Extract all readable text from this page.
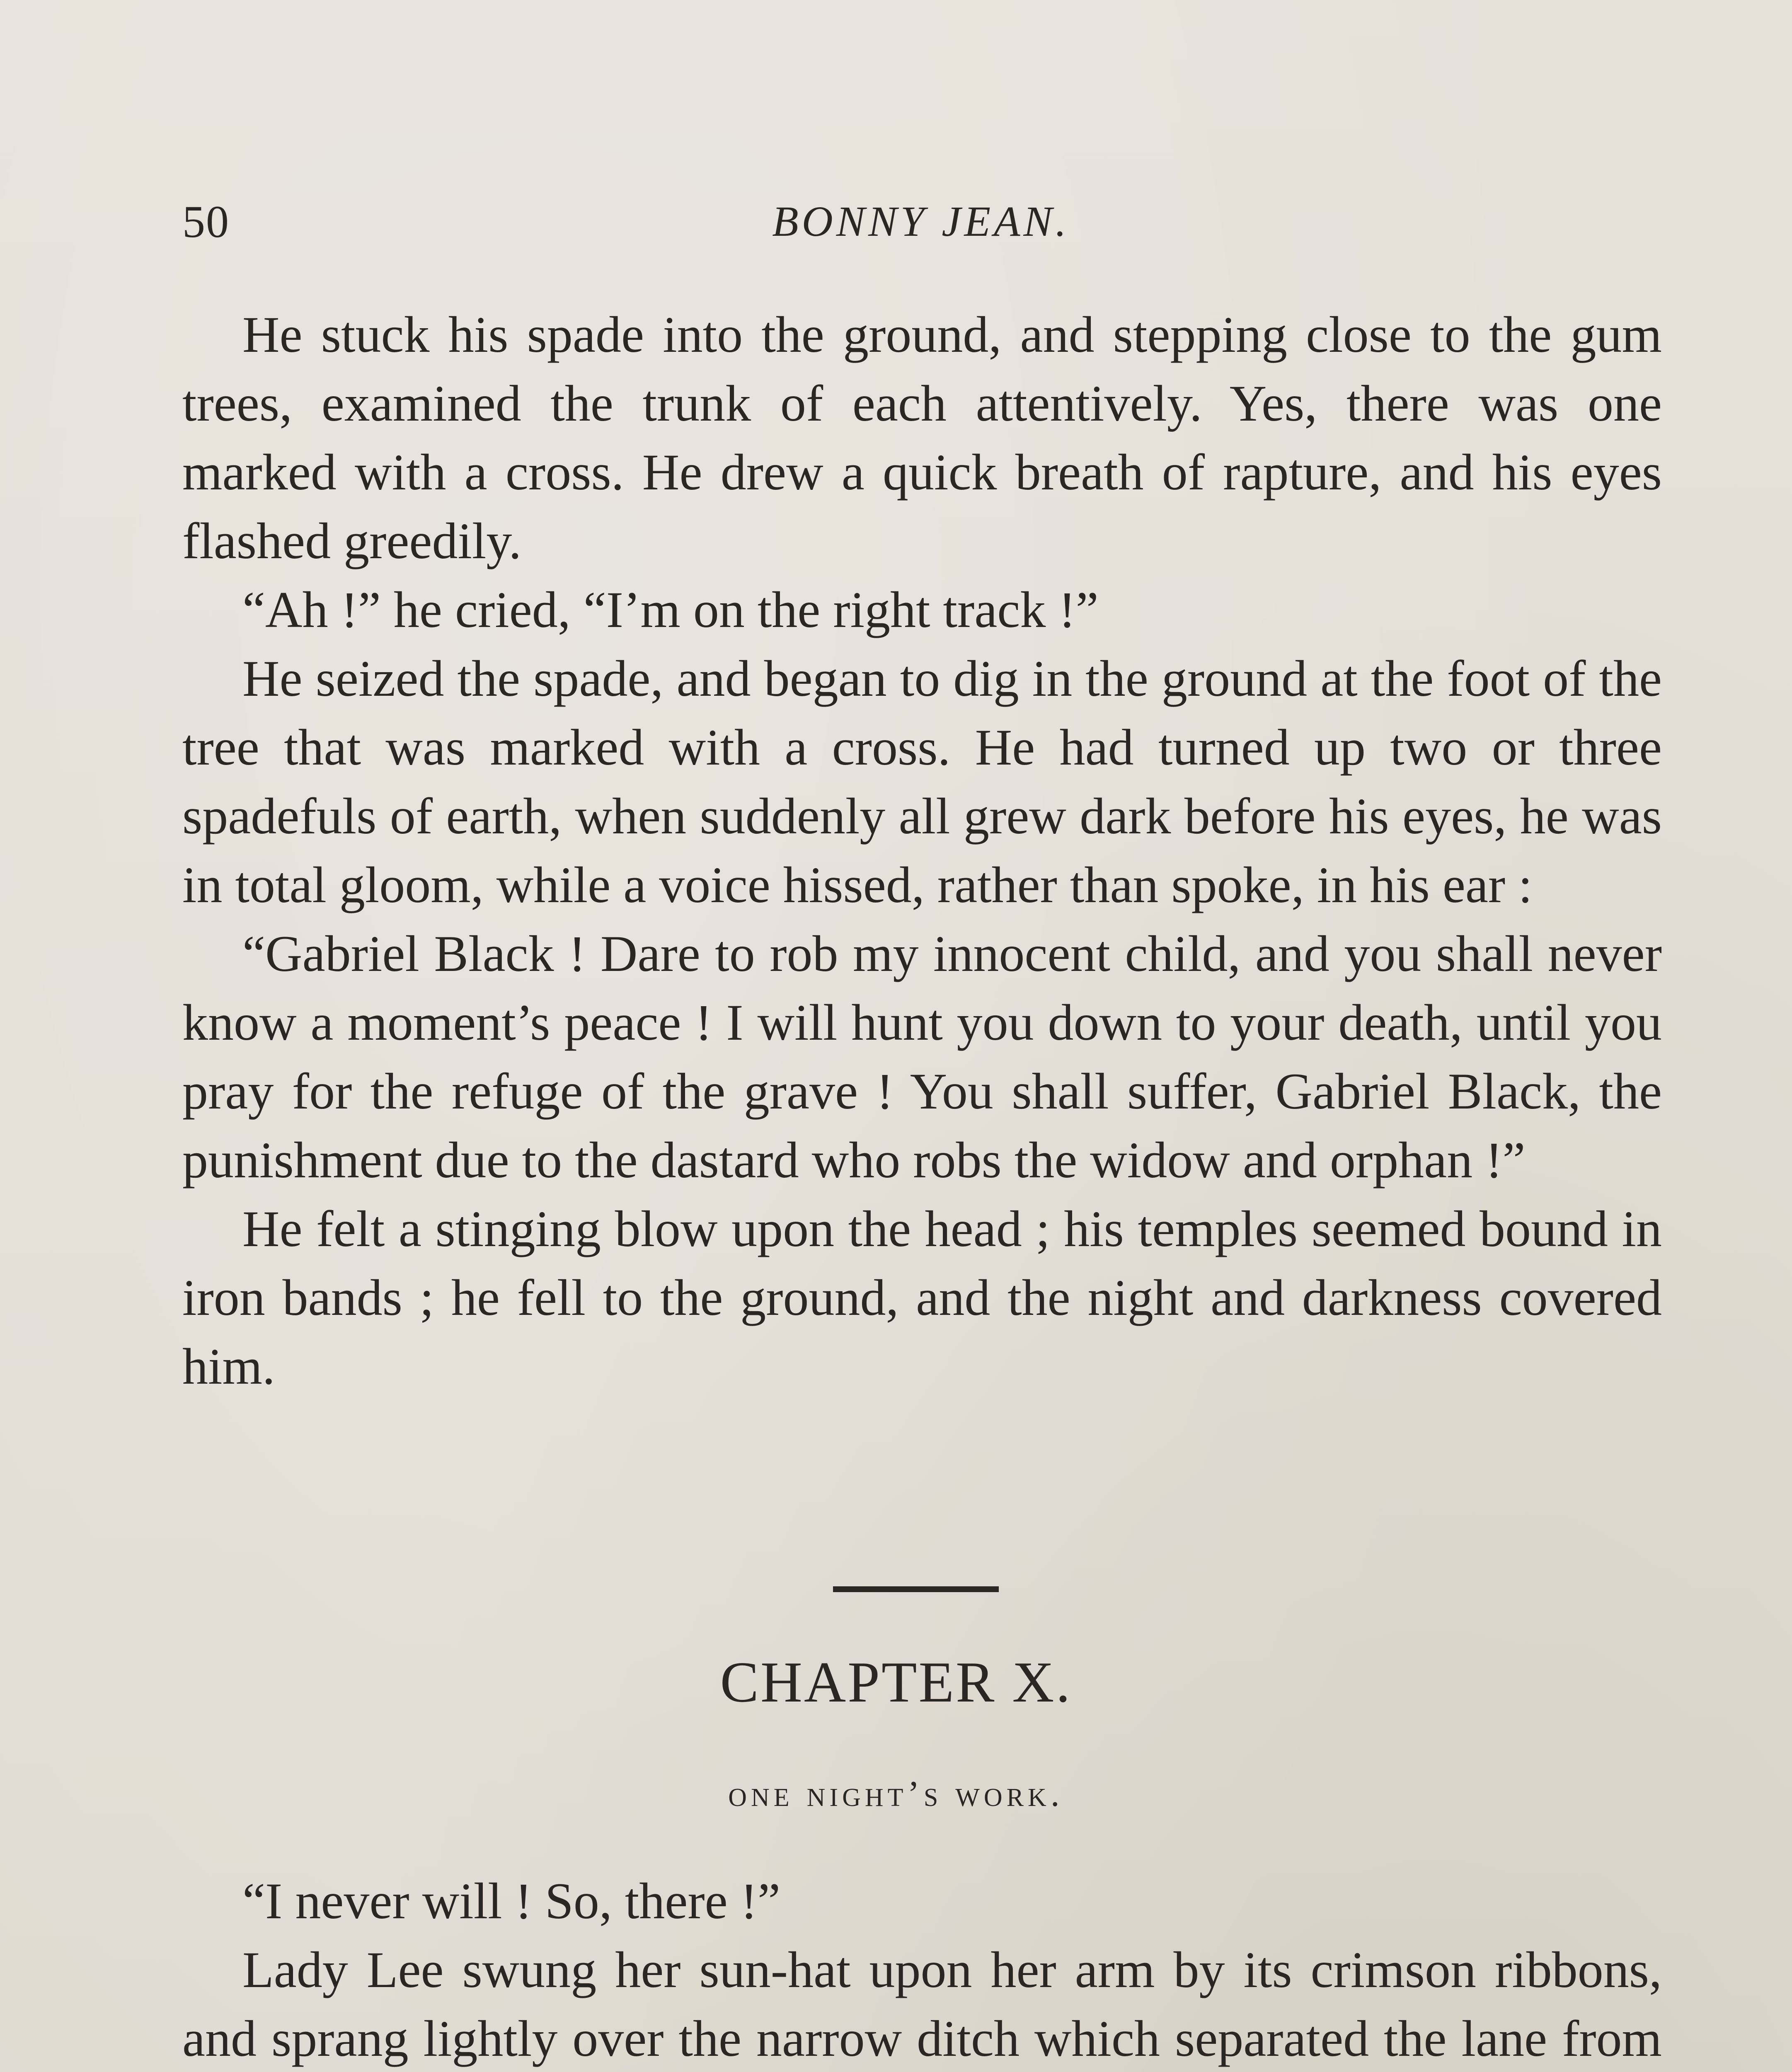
50	BONNY JEAN.

He stuck his spade into the ground, and stepping close to the gum trees, examined the trunk of each attentively. Yes, there was one marked with a cross. He drew a quick breath of rapture, and his eyes flashed greedily.

“Ah !” he cried, “I’m on the right track !”

He seized the spade, and began to dig in the ground at the foot of the tree that was marked with a cross. He had turned up two or three spadefuls of earth, when suddenly all grew dark before his eyes, he was in total gloom, while a voice hissed, rather than spoke, in his ear :

“Gabriel Black ! Dare to rob my innocent child, and you shall never know a moment’s peace ! I will hunt you down to your death, until you pray for the refuge of the grave ! You shall suffer, Gabriel Black, the punishment due to the dastard who robs the widow and orphan !”

He felt a stinging blow upon the head ; his temples seemed bound in iron bands ; he fell to the ground, and the night and darkness covered him.

CHAPTER X.
one night’s work.

“I never will ! So, there !”

Lady Lee swung her sun-hat upon her arm by its crimson ribbons, and sprang lightly over the narrow ditch which separated the lane from
